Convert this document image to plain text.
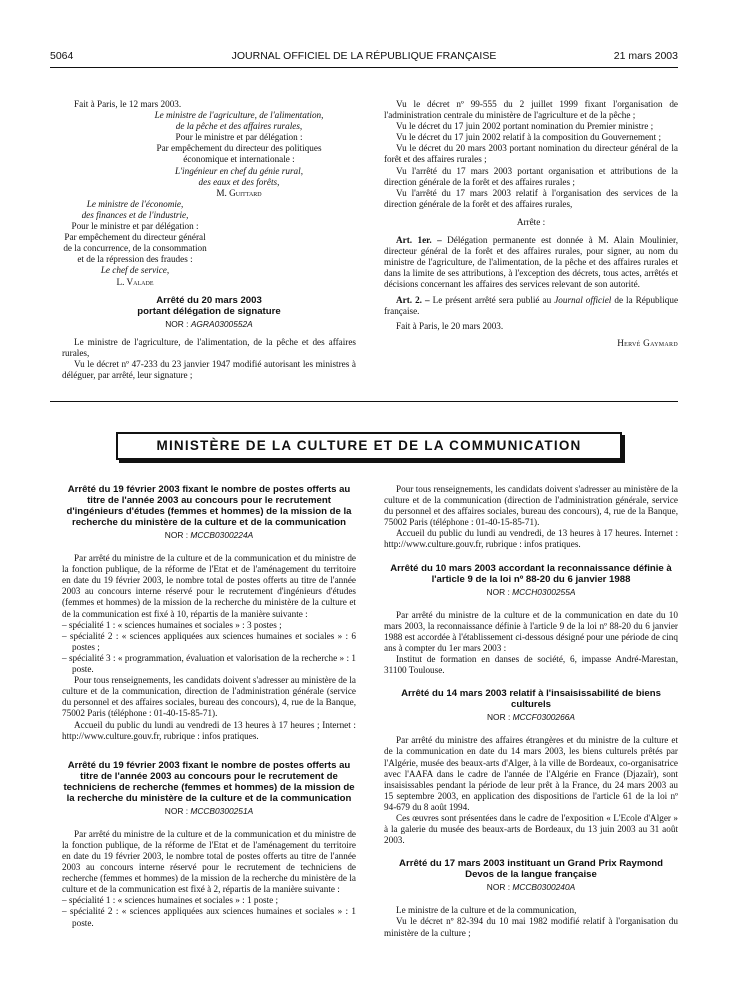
5064	JOURNAL OFFICIEL DE LA RÉPUBLIQUE FRANÇAISE	21 mars 2003

Fait à Paris, le 12 mars 2003.

Le ministre de l'agriculture, de l'alimentation,

de la pêche et des affaires rurales,

Pour le ministre et par délégation :

Par empêchement du directeur des politiques

économique et internationale :

L'ingénieur en chef du génie rural,

des eaux et des forêts,

M. Guittard

Le ministre de l'économie,

des finances et de l'industrie,

Pour le ministre et par délégation :

Par empêchement du directeur général

de la concurrence, de la consommation

et de la répression des fraudes :

Le chef de service,

L. Valade

Arrêté du 20 mars 2003

portant délégation de signature

NOR : AGRA0300552A

Le ministre de l'agriculture, de l'alimentation, de la pêche et des affaires rurales,

Vu le décret nº 47-233 du 23 janvier 1947 modifié autorisant les ministres à déléguer, par arrêté, leur signature ;

Vu le décret nº 99-555 du 2 juillet 1999 fixant l'organisation de l'administration centrale du ministère de l'agriculture et de la pêche ;

Vu le décret du 17 juin 2002 portant nomination du Premier ministre ;

Vu le décret du 17 juin 2002 relatif à la composition du Gouvernement ;

Vu le décret du 20 mars 2003 portant nomination du directeur général de la forêt et des affaires rurales ;

Vu l'arrêté du 17 mars 2003 portant organisation et attributions de la direction générale de la forêt et des affaires rurales ;

Vu l'arrêté du 17 mars 2003 relatif à l'organisation des services de la direction générale de la forêt et des affaires rurales,

Arrête :

Art. 1er. – Délégation permanente est donnée à M. Alain Moulinier, directeur général de la forêt et des affaires rurales, pour signer, au nom du ministre de l'agriculture, de l'alimentation, de la pêche et des affaires rurales et dans la limite de ses attributions, à l'exception des décrets, tous actes, arrêtés et décisions concernant les affaires des services relevant de son autorité.

Art. 2. – Le présent arrêté sera publié au Journal officiel de la République française.

Fait à Paris, le 20 mars 2003.

Hervé Gaymard

MINISTÈRE DE LA CULTURE ET DE LA COMMUNICATION

Arrêté du 19 février 2003 fixant le nombre de postes offerts au titre de l'année 2003 au concours pour le recrutement d'ingénieurs d'études (femmes et hommes) de la mission de la recherche du ministère de la culture et de la communication

NOR : MCCB0300224A

Par arrêté du ministre de la culture et de la communication et du ministre de la fonction publique, de la réforme de l'Etat et de l'aménagement du territoire en date du 19 février 2003, le nombre total de postes offerts au titre de l'année 2003 au concours interne réservé pour le recrutement d'ingénieurs d'études (femmes et hommes) de la mission de la recherche du ministère de la culture et de la communication est fixé à 10, répartis de la manière suivante :

– spécialité 1 : « sciences humaines et sociales » : 3 postes ;

– spécialité 2 : « sciences appliquées aux sciences humaines et sociales » : 6 postes ;

– spécialité 3 : « programmation, évaluation et valorisation de la recherche » : 1 poste.

Pour tous renseignements, les candidats doivent s'adresser au ministère de la culture et de la communication, direction de l'administration générale (service du personnel et des affaires sociales, bureau des concours), 4, rue de la Banque, 75002 Paris (téléphone : 01-40-15-85-71).

Accueil du public du lundi au vendredi de 13 heures à 17 heures ; Internet : http://www.culture.gouv.fr, rubrique : infos pratiques.

Arrêté du 19 février 2003 fixant le nombre de postes offerts au titre de l'année 2003 au concours pour le recrutement de techniciens de recherche (femmes et hommes) de la mission de la recherche du ministère de la culture et de la communication

NOR : MCCB0300251A

Par arrêté du ministre de la culture et de la communication et du ministre de la fonction publique, de la réforme de l'Etat et de l'aménagement du territoire en date du 19 février 2003, le nombre total de postes offerts au titre de l'année 2003 au concours interne réservé pour le recrutement de techniciens de recherche (femmes et hommes) de la mission de la recherche du ministère de la culture et de la communication est fixé à 2, répartis de la manière suivante :

– spécialité 1 : « sciences humaines et sociales » : 1 poste ;

– spécialité 2 : « sciences appliquées aux sciences humaines et sociales » : 1 poste.

Pour tous renseignements, les candidats doivent s'adresser au ministère de la culture et de la communication (direction de l'administration générale, service du personnel et des affaires sociales, bureau des concours), 4, rue de la Banque, 75002 Paris (téléphone : 01-40-15-85-71).

Accueil du public du lundi au vendredi, de 13 heures à 17 heures. Internet : http://www.culture.gouv.fr, rubrique : infos pratiques.

Arrêté du 10 mars 2003 accordant la reconnaissance définie à l'article 9 de la loi nº 88-20 du 6 janvier 1988

NOR : MCCH0300255A

Par arrêté du ministre de la culture et de la communication en date du 10 mars 2003, la reconnaissance définie à l'article 9 de la loi nº 88-20 du 6 janvier 1988 est accordée à l'établissement ci-dessous désigné pour une période de cinq ans à compter du 1er mars 2003 :

Institut de formation en danses de société, 6, impasse André-Marestan, 31100 Toulouse.

Arrêté du 14 mars 2003 relatif à l'insaisissabilité de biens culturels

NOR : MCCF0300266A

Par arrêté du ministre des affaires étrangères et du ministre de la culture et de la communication en date du 14 mars 2003, les biens culturels prêtés par l'Algérie, musée des beaux-arts d'Alger, à la ville de Bordeaux, co-organisatrice avec l'AAFA dans le cadre de l'année de l'Algérie en France (Djazaïr), sont insaisissables pendant la période de leur prêt à la France, du 24 mars 2003 au 15 septembre 2003, en application des dispositions de l'article 61 de la loi nº 94-679 du 8 août 1994.

Ces œuvres sont présentées dans le cadre de l'exposition « L'Ecole d'Alger » à la galerie du musée des beaux-arts de Bordeaux, du 13 juin 2003 au 31 août 2003.

Arrêté du 17 mars 2003 instituant un Grand Prix Raymond Devos de la langue française

NOR : MCCB0300240A

Le ministre de la culture et de la communication,

Vu le décret nº 82-394 du 10 mai 1982 modifié relatif à l'organisation du ministère de la culture ;
